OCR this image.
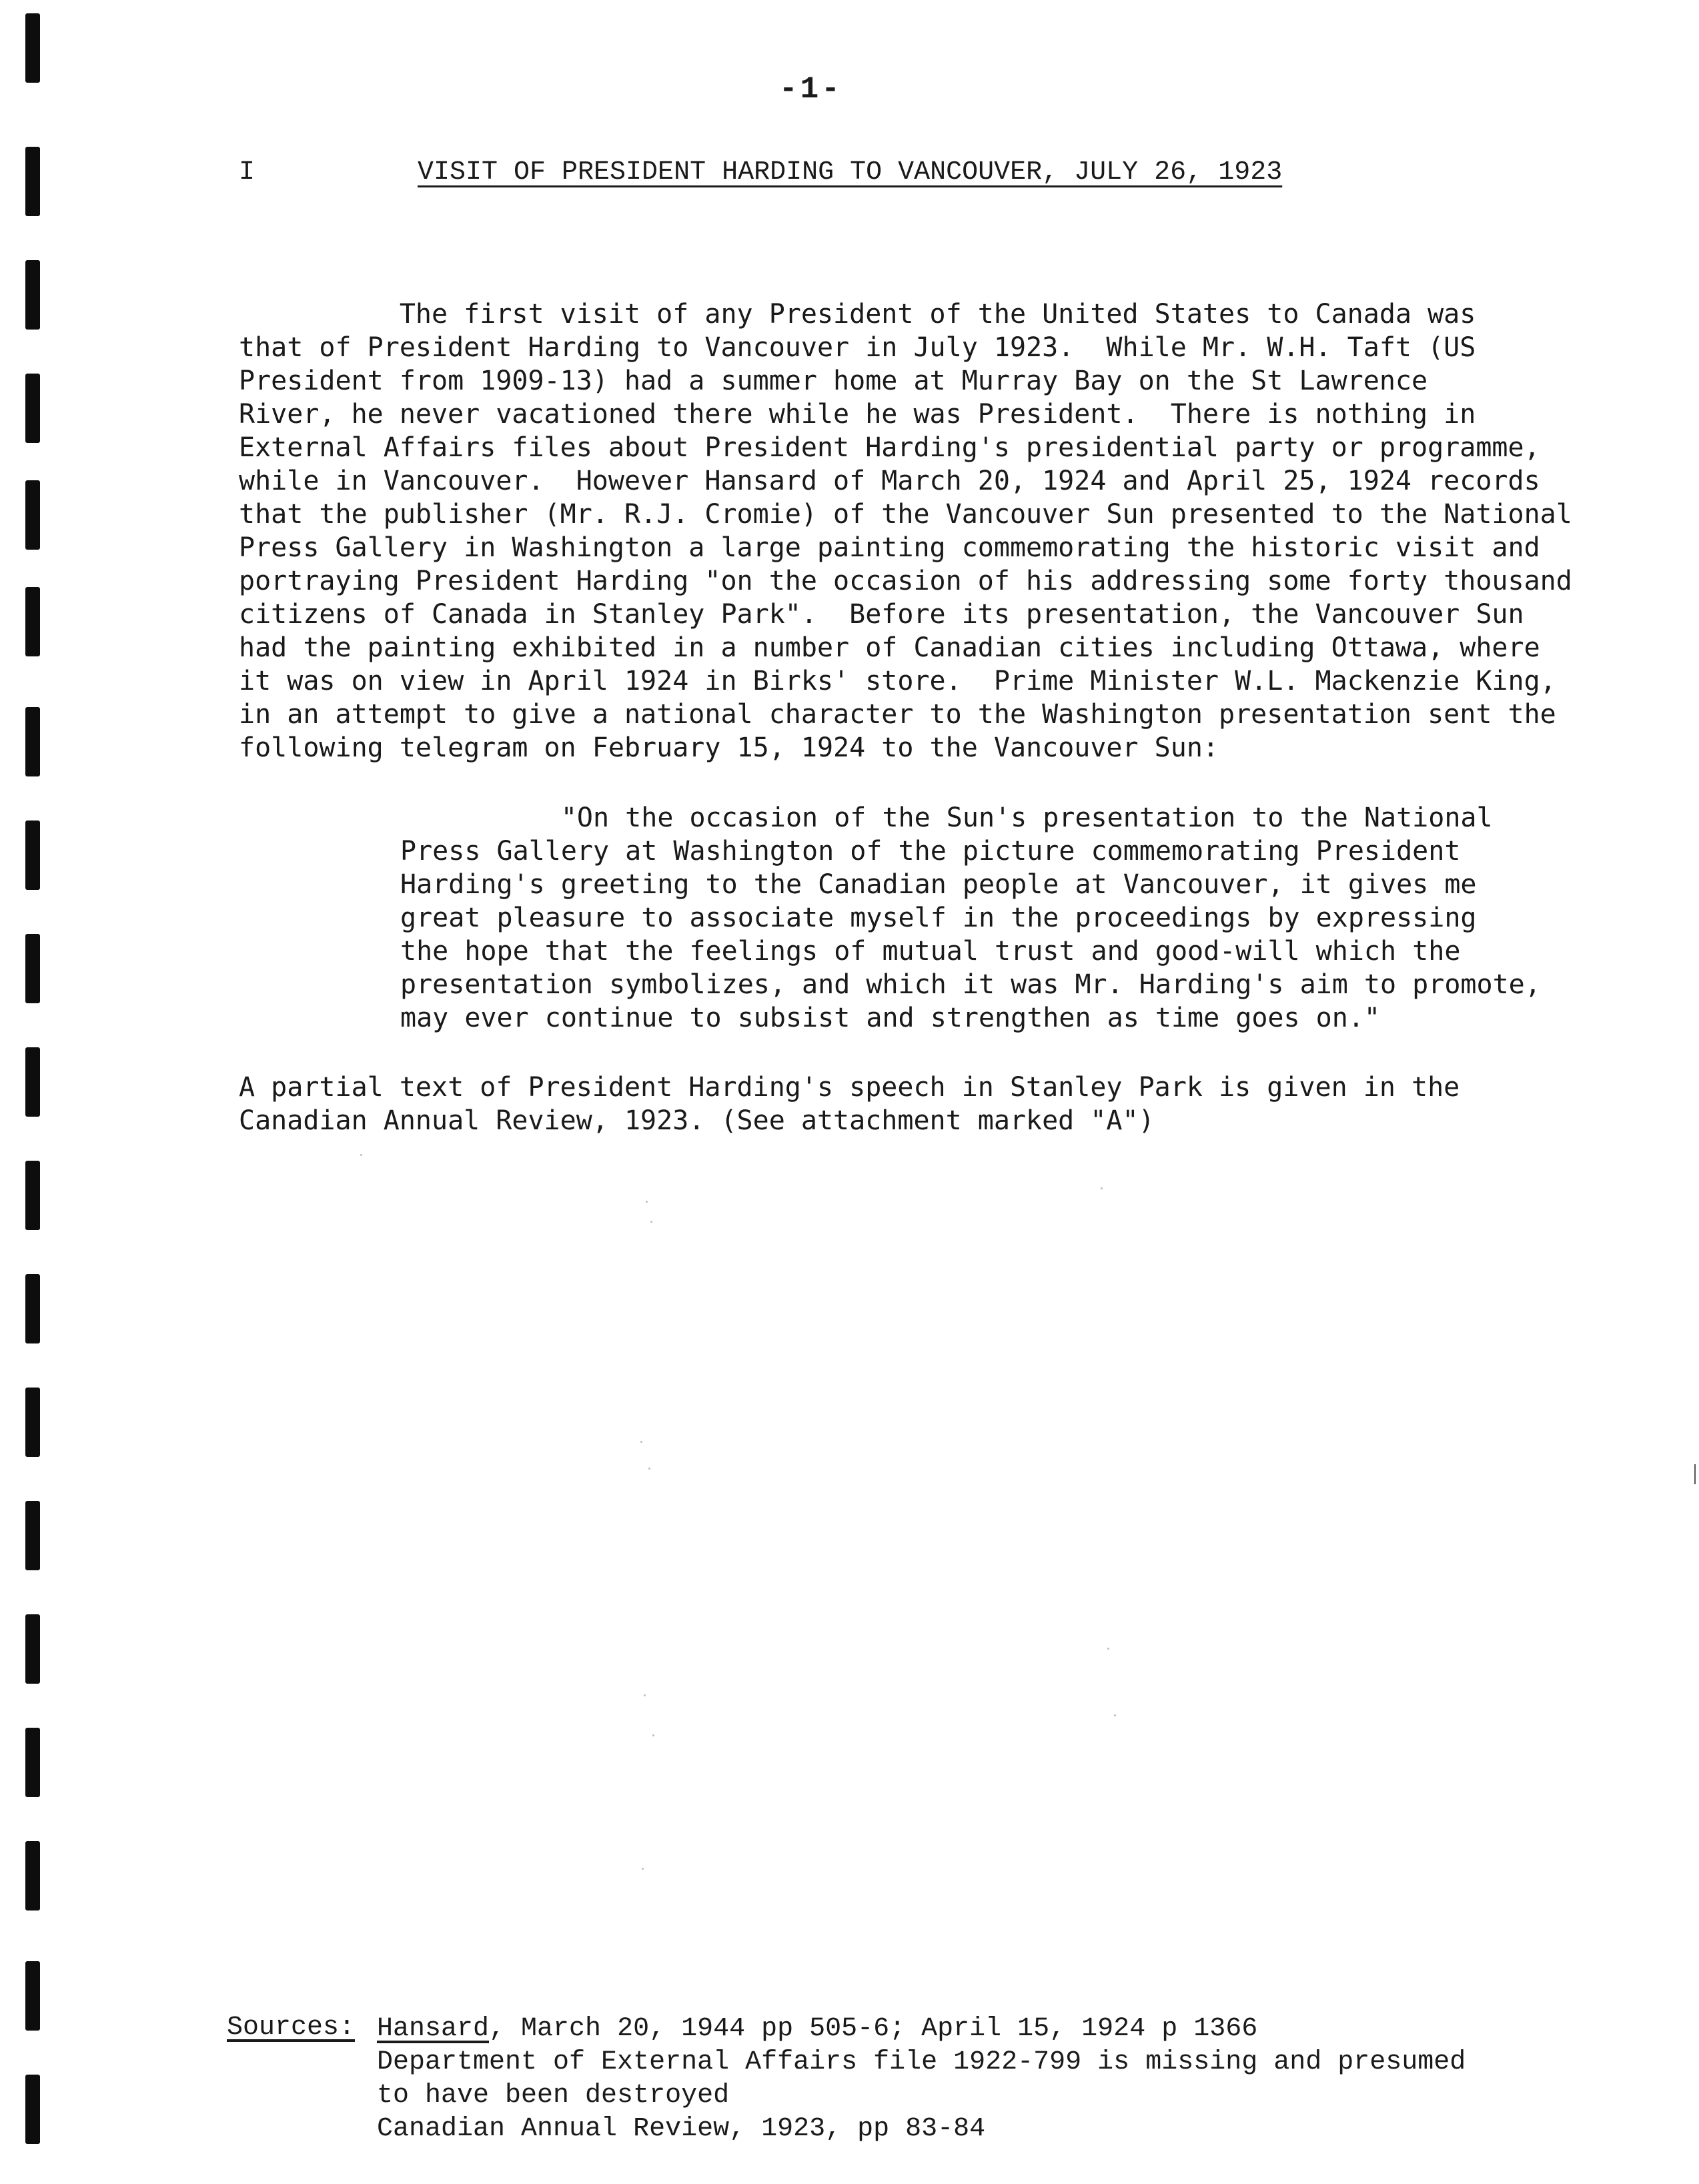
-1-
I	VISIT OF PRESIDENT HARDING TO VANCOUVER, JULY 26, 1923
The first visit of any President of the United States to Canada was
that of President Harding to Vancouver in July 1923.  While Mr. W.H. Taft (US
President from 1909-13) had a summer home at Murray Bay on the St Lawrence
River, he never vacationed there while he was President.  There is nothing in
External Affairs files about President Harding's presidential party or programme,
while in Vancouver.  However Hansard of March 20, 1924 and April 25, 1924 records
that the publisher (Mr. R.J. Cromie) of the Vancouver Sun presented to the National
Press Gallery in Washington a large painting commemorating the historic visit and
portraying President Harding "on the occasion of his addressing some forty thousand
citizens of Canada in Stanley Park".  Before its presentation, the Vancouver Sun
had the painting exhibited in a number of Canadian cities including Ottawa, where
it was on view in April 1924 in Birks' store.  Prime Minister W.L. Mackenzie King,
in an attempt to give a national character to the Washington presentation sent the
following telegram on February 15, 1924 to the Vancouver Sun:
"On the occasion of the Sun's presentation to the National
Press Gallery at Washington of the picture commemorating President
Harding's greeting to the Canadian people at Vancouver, it gives me
great pleasure to associate myself in the proceedings by expressing
the hope that the feelings of mutual trust and good-will which the
presentation symbolizes, and which it was Mr. Harding's aim to promote,
may ever continue to subsist and strengthen as time goes on."
A partial text of President Harding's speech in Stanley Park is given in the
Canadian Annual Review, 1923. (See attachment marked "A")
Sources: Hansard, March 20, 1944 pp 505-6; April 15, 1924 p 1366
Department of External Affairs file 1922-799 is missing and presumed
to have been destroyed
Canadian Annual Review, 1923, pp 83-84
